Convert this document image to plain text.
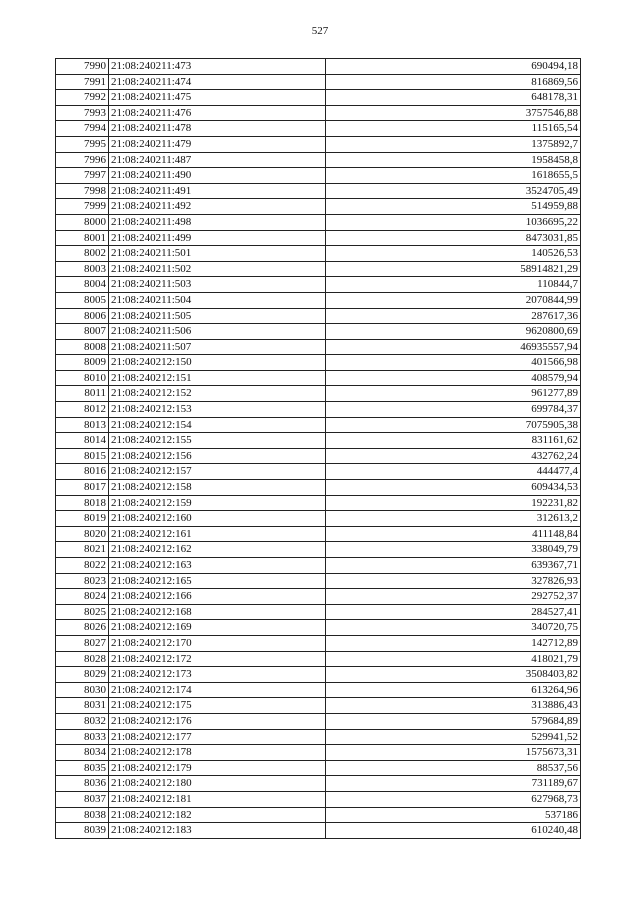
527
7990	21:08:240211:473	690494,18
7991	21:08:240211:474	816869,56
7992	21:08:240211:475	648178,31
7993	21:08:240211:476	3757546,88
7994	21:08:240211:478	115165,54
7995	21:08:240211:479	1375892,7
7996	21:08:240211:487	1958458,8
7997	21:08:240211:490	1618655,5
7998	21:08:240211:491	3524705,49
7999	21:08:240211:492	514959,88
8000	21:08:240211:498	1036695,22
8001	21:08:240211:499	8473031,85
8002	21:08:240211:501	140526,53
8003	21:08:240211:502	58914821,29
8004	21:08:240211:503	110844,7
8005	21:08:240211:504	2070844,99
8006	21:08:240211:505	287617,36
8007	21:08:240211:506	9620800,69
8008	21:08:240211:507	46935557,94
8009	21:08:240212:150	401566,98
8010	21:08:240212:151	408579,94
8011	21:08:240212:152	961277,89
8012	21:08:240212:153	699784,37
8013	21:08:240212:154	7075905,38
8014	21:08:240212:155	831161,62
8015	21:08:240212:156	432762,24
8016	21:08:240212:157	444477,4
8017	21:08:240212:158	609434,53
8018	21:08:240212:159	192231,82
8019	21:08:240212:160	312613,2
8020	21:08:240212:161	411148,84
8021	21:08:240212:162	338049,79
8022	21:08:240212:163	639367,71
8023	21:08:240212:165	327826,93
8024	21:08:240212:166	292752,37
8025	21:08:240212:168	284527,41
8026	21:08:240212:169	340720,75
8027	21:08:240212:170	142712,89
8028	21:08:240212:172	418021,79
8029	21:08:240212:173	3508403,82
8030	21:08:240212:174	613264,96
8031	21:08:240212:175	313886,43
8032	21:08:240212:176	579684,89
8033	21:08:240212:177	529941,52
8034	21:08:240212:178	1575673,31
8035	21:08:240212:179	88537,56
8036	21:08:240212:180	731189,67
8037	21:08:240212:181	627968,73
8038	21:08:240212:182	537186
8039	21:08:240212:183	610240,48
